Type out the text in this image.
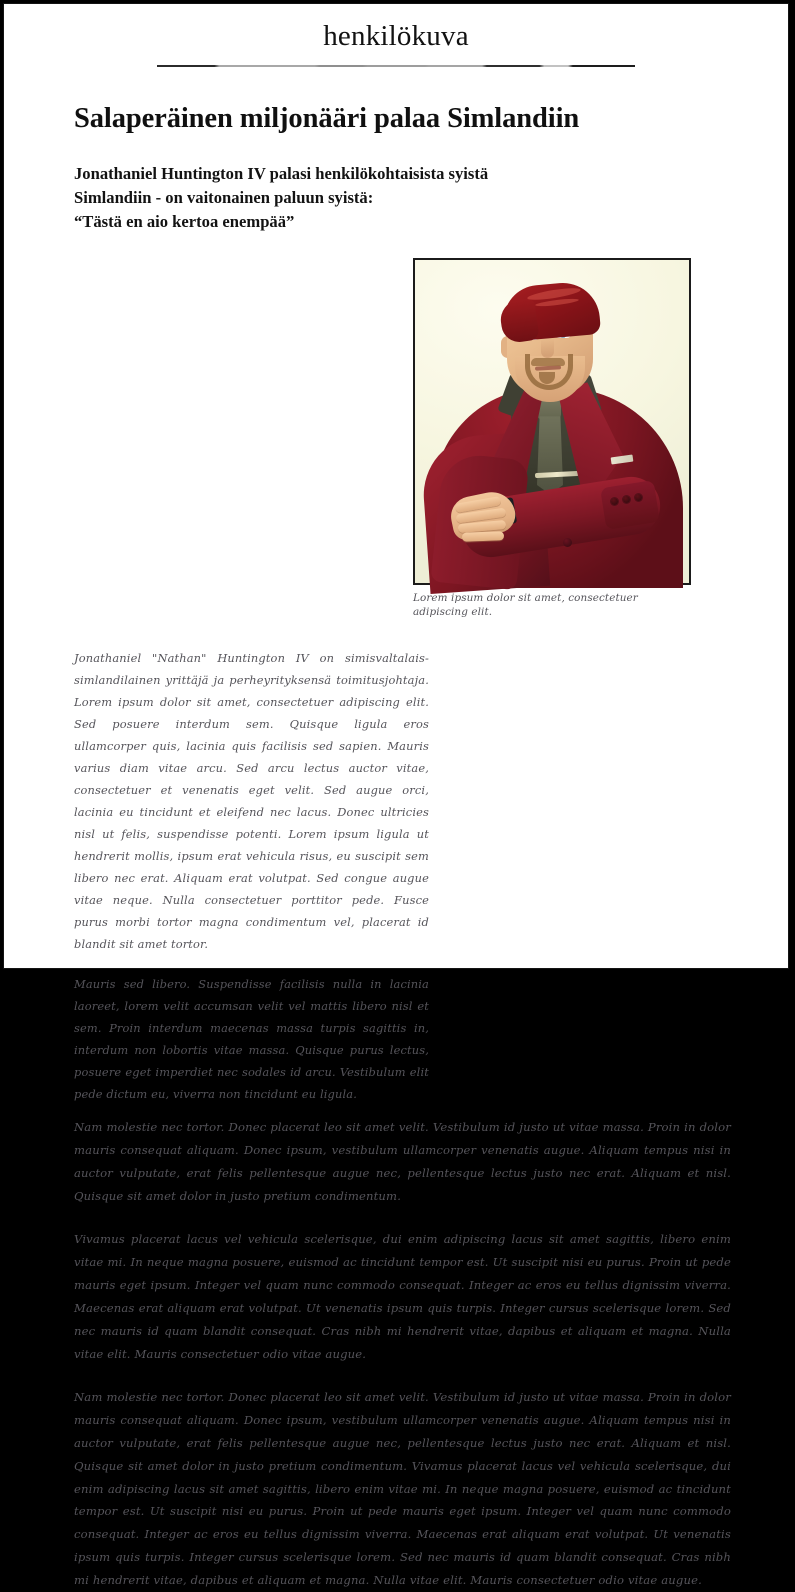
henkilökuva
Salaperäinen miljonääri palaa Simlandiin
Jonathaniel Huntington IV palasi henkilökohtaisista syistä
Simlandiin - on vaitonainen paluun syistä:
“Tästä en aio kertoa enempää”
Lorem ipsum dolor sit amet, consectetuer adipiscing elit.

Jonathaniel "Nathan" Huntington IV on simisvaltalais-simlandilainen yrittäjä ja perheyrityksensä toimitusjohtaja. Lorem ipsum dolor sit amet, consectetuer adipiscing elit. Sed posuere interdum sem. Quisque ligula eros ullamcorper quis, lacinia quis facilisis sed sapien. Mauris varius diam vitae arcu. Sed arcu lectus auctor vitae, consectetuer et venenatis eget velit. Sed augue orci, lacinia eu tincidunt et eleifend nec lacus. Donec ultricies nisl ut felis, suspendisse potenti. Lorem ipsum ligula ut hendrerit mollis, ipsum erat vehicula risus, eu suscipit sem libero nec erat. Aliquam erat volutpat. Sed congue augue vitae neque. Nulla consectetuer porttitor pede. Fusce purus morbi tortor magna condimentum vel, placerat id blandit sit amet tortor.

Mauris sed libero. Suspendisse facilisis nulla in lacinia laoreet, lorem velit accumsan velit vel mattis libero nisl et sem. Proin interdum maecenas massa turpis sagittis in, interdum non lobortis vitae massa. Quisque purus lectus, posuere eget imperdiet nec sodales id arcu. Vestibulum elit pede dictum eu, viverra non tincidunt eu ligula.

Nam molestie nec tortor. Donec placerat leo sit amet velit. Vestibulum id justo ut vitae massa. Proin in dolor mauris consequat aliquam. Donec ipsum, vestibulum ullamcorper venenatis augue. Aliquam tempus nisi in auctor vulputate, erat felis pellentesque augue nec, pellentesque lectus justo nec erat. Aliquam et nisl. Quisque sit amet dolor in justo pretium condimentum.

Vivamus placerat lacus vel vehicula scelerisque, dui enim adipiscing lacus sit amet sagittis, libero enim vitae mi. In neque magna posuere, euismod ac tincidunt tempor est. Ut suscipit nisi eu purus. Proin ut pede mauris eget ipsum. Integer vel quam nunc commodo consequat. Integer ac eros eu tellus dignissim viverra. Maecenas erat aliquam erat volutpat. Ut venenatis ipsum quis turpis. Integer cursus scelerisque lorem. Sed nec mauris id quam blandit consequat. Cras nibh mi hendrerit vitae, dapibus et aliquam et magna. Nulla vitae elit. Mauris consectetuer odio vitae augue.

Nam molestie nec tortor. Donec placerat leo sit amet velit. Vestibulum id justo ut vitae massa. Proin in dolor mauris consequat aliquam. Donec ipsum, vestibulum ullamcorper venenatis augue. Aliquam tempus nisi in auctor vulputate, erat felis pellentesque augue nec, pellentesque lectus justo nec erat. Aliquam et nisl. Quisque sit amet dolor in justo pretium condimentum. Vivamus placerat lacus vel vehicula scelerisque, dui enim adipiscing lacus sit amet sagittis, libero enim vitae mi. In neque magna posuere, euismod ac tincidunt tempor est. Ut suscipit nisi eu purus. Proin ut pede mauris eget ipsum. Integer vel quam nunc commodo consequat. Integer ac eros eu tellus dignissim viverra. Maecenas erat aliquam erat volutpat. Ut venenatis ipsum quis turpis. Integer cursus scelerisque lorem. Sed nec mauris id quam blandit consequat. Cras nibh mi hendrerit vitae, dapibus et aliquam et magna. Nulla vitae elit. Mauris consectetuer odio vitae augue.
